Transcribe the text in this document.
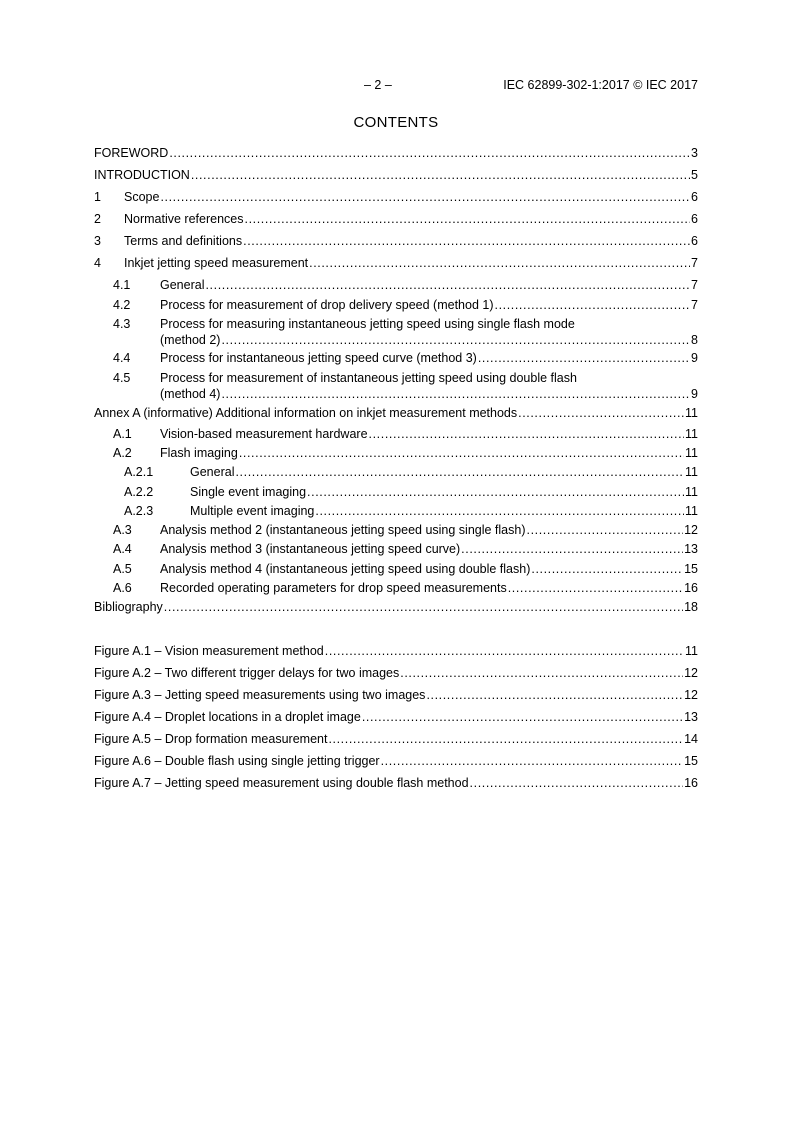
– 2 –	IEC 62899-302-1:2017 © IEC 2017
CONTENTS
FOREWORD .....	3
INTRODUCTION .....	5
1	Scope .....	6
2	Normative references .....	6
3	Terms and definitions .....	6
4	Inkjet jetting speed measurement .....	7
4.1	General .....	7
4.2	Process for measurement of drop delivery speed (method 1) .....	7
4.3 Process for measuring instantaneous jetting speed using single flash mode
(method 2) .....	8
4.4	Process for instantaneous jetting speed curve (method 3) .....	9
4.5 Process for measurement of instantaneous jetting speed using double flash
(method 4) .....	9
Annex A (informative) Additional information on inkjet measurement methods .....	11
A.1	Vision-based measurement hardware .....	11
A.2	Flash imaging .....	11
A.2.1	General .....	11
A.2.2	Single event imaging .....	11
A.2.3	Multiple event imaging .....	11
A.3	Analysis method 2 (instantaneous jetting speed using single flash) .....	12
A.4	Analysis method 3 (instantaneous jetting speed curve) .....	13
A.5	Analysis method 4 (instantaneous jetting speed using double flash) .....	15
A.6	Recorded operating parameters for drop speed measurements .....	16
Bibliography .....	18
Figure A.1 – Vision measurement method .....	11
Figure A.2 – Two different trigger delays for two images .....	12
Figure A.3 – Jetting speed measurements using two images .....	12
Figure A.4 – Droplet locations in a droplet image .....	13
Figure A.5 – Drop formation measurement .....	14
Figure A.6 – Double flash using single jetting trigger .....	15
Figure A.7 – Jetting speed measurement using double flash method .....	16
